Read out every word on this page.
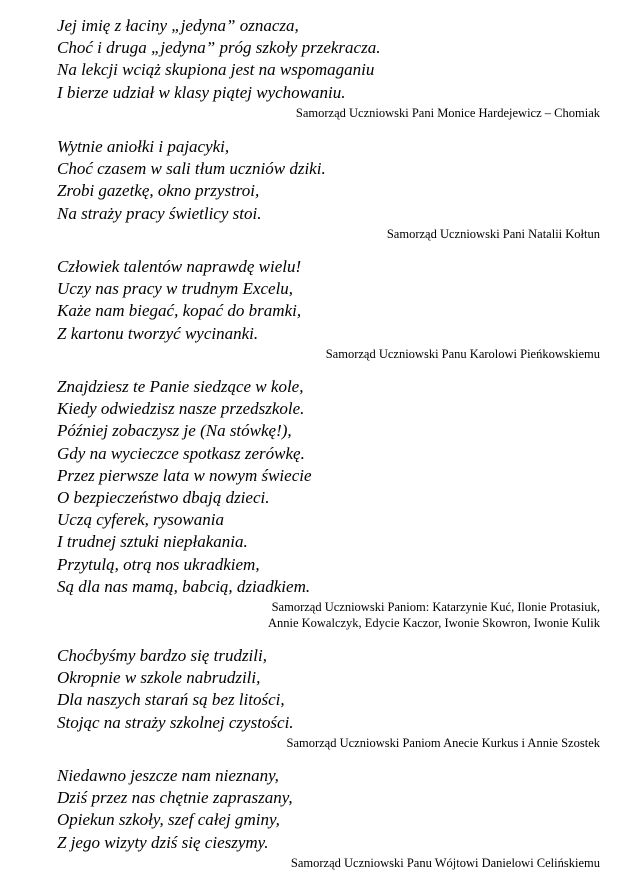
Jej imię z łaciny „jedyna” oznacza,
Choć i druga „jedyna” próg szkoły przekracza.
Na lekcji wciąż skupiona jest na wspomaganiu
I bierze udział w klasy piątej wychowaniu.
Samorząd Uczniowski Pani Monice Hardejewicz – Chomiak
Wytnie aniołki i pajacyki,
Choć czasem w sali tłum uczniów dziki.
Zrobi gazetkę, okno przystroi,
Na straży pracy świetlicy stoi.
Samorząd Uczniowski Pani Natalii Kołtun
Człowiek talentów naprawdę wielu!
Uczy nas pracy w trudnym Excelu,
Każe nam biegać, kopać do bramki,
Z kartonu tworzyć wycinanki.
Samorząd Uczniowski Panu Karolowi Pieńkowskiemu
Znajdziesz te Panie siedzące w kole,
Kiedy odwiedzisz nasze przedszkole.
Później zobaczysz je (Na stówkę!),
Gdy na wycieczce spotkasz zerówkę.
Przez pierwsze lata w nowym świecie
O bezpieczeństwo dbają dzieci.
Uczą cyferek, rysowania
I trudnej sztuki niepłakania.
Przytulą, otrą nos ukradkiem,
Są dla nas mamą, babcią, dziadkiem.
Samorząd Uczniowski Paniom: Katarzynie Kuć, Ilonie Protasiuk,
Annie Kowalczyk, Edycie Kaczor, Iwonie Skowron, Iwonie Kulik
Choćbyśmy bardzo się trudzili,
Okropnie w szkole nabrudzili,
Dla naszych starań są bez litości,
Stojąc na straży szkolnej czystości.
Samorząd Uczniowski Paniom Anecie Kurkus i Annie Szostek
Niedawno jeszcze nam nieznany,
Dziś przez nas chętnie zapraszany,
Opiekun szkoły, szef całej gminy,
Z jego wizyty dziś się cieszymy.
Samorząd Uczniowski Panu Wójtowi Danielowi Celińskiemu
